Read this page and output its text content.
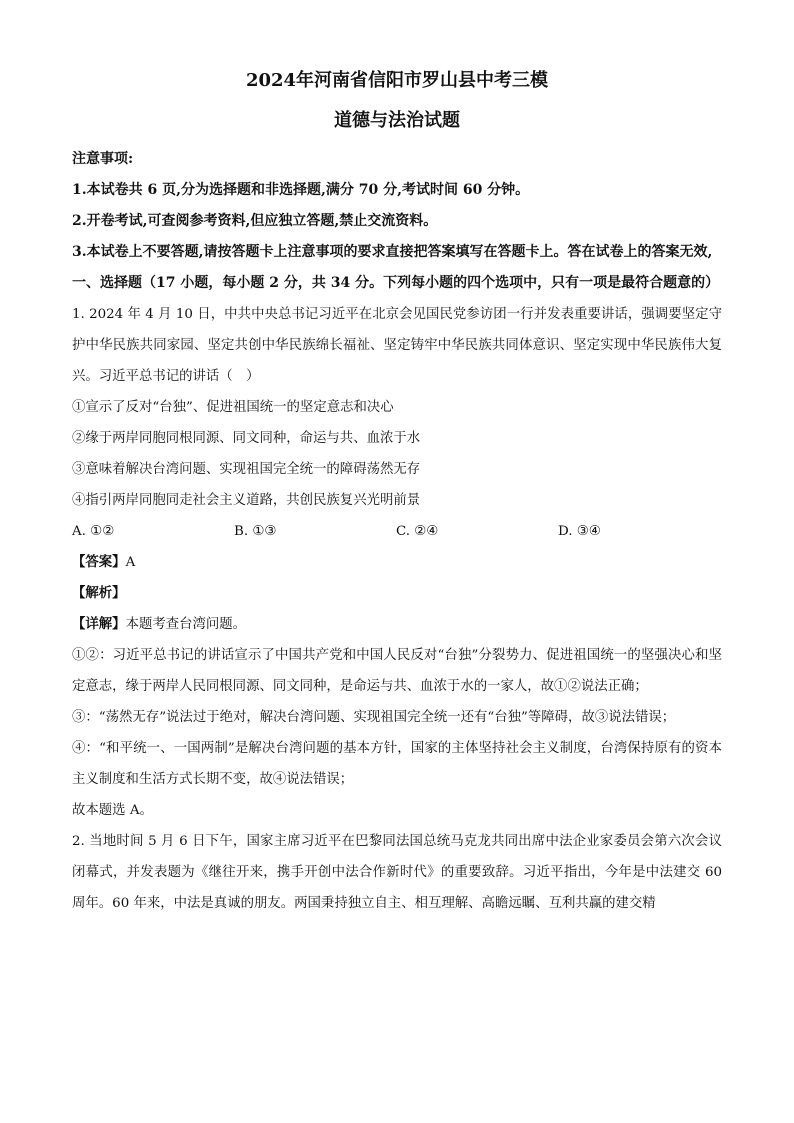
2024年河南省信阳市罗山县中考三模
道德与法治试题
注意事项:
1.本试卷共 6 页,分为选择题和非选择题,满分 70 分,考试时间 60 分钟。
2.开卷考试,可查阅参考资料,但应独立答题,禁止交流资料。
3.本试卷上不要答题,请按答题卡上注意事项的要求直接把答案填写在答题卡上。答在试卷上的答案无效,
一、选择题（17 小题，每小题 2 分，共 34 分。下列每小题的四个选项中，只有一项是最符合题意的）
1. 2024 年 4 月 10 日，中共中央总书记习近平在北京会见国民党参访团一行并发表重要讲话，强调要坚定守护中华民族共同家园、坚定共创中华民族绵长福祉、坚定铸牢中华民族共同体意识、坚定实现中华民族伟大复兴。习近平总书记的讲话（　）
①宣示了反对“台独”、促进祖国统一的坚定意志和决心
②缘于两岸同胞同根同源、同文同种，命运与共、血浓于水
③意味着解决台湾问题、实现祖国完全统一的障碍荡然无存
④指引两岸同胞同走社会主义道路，共创民族复兴光明前景
A. ①②	B. ①③	C. ②④	D. ③④
【答案】A
【解析】
【详解】本题考查台湾问题。
①②：习近平总书记的讲话宣示了中国共产党和中国人民反对“台独”分裂势力、促进祖国统一的坚强决心和坚定意志，缘于两岸人民同根同源、同文同种，是命运与共、血浓于水的一家人，故①②说法正确；
③：“荡然无存”说法过于绝对，解决台湾问题、实现祖国完全统一还有“台独”等障碍，故③说法错误；
④：“和平统一、一国两制”是解决台湾问题的基本方针，国家的主体坚持社会主义制度，台湾保持原有的资本主义制度和生活方式长期不变，故④说法错误；
故本题选 A。
2. 当地时间 5 月 6 日下午，国家主席习近平在巴黎同法国总统马克龙共同出席中法企业家委员会第六次会议闭幕式，并发表题为《继往开来，携手开创中法合作新时代》的重要致辞。习近平指出，今年是中法建交 60 周年。60 年来，中法是真诚的朋友。两国秉持独立自主、相互理解、高瞻远瞩、互利共赢的建交精
